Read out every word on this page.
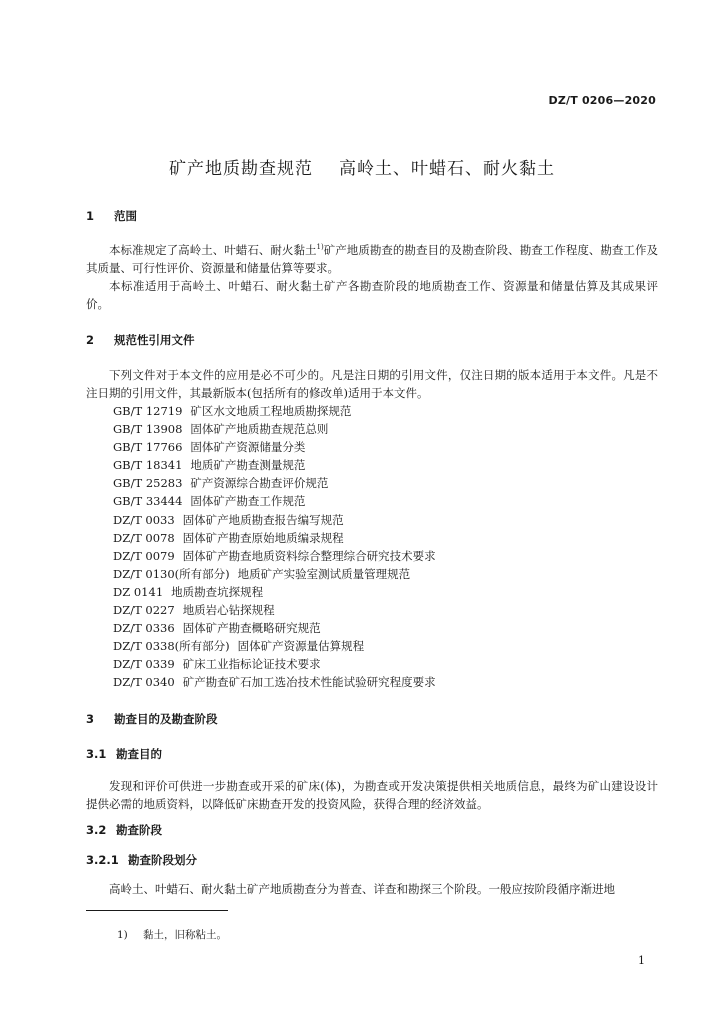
DZ/T 0206—2020
矿产地质勘查规范 高岭土、叶蜡石、耐火黏土
1 范围
本标准规定了高岭土、叶蜡石、耐火黏土$^{1)}$矿产地质勘查的勘查目的及勘查阶段、勘查工作程度、勘查工作及其质量、可行性评价、资源量和储量估算等要求。
本标准适用于高岭土、叶蜡石、耐火黏土矿产各勘查阶段的地质勘查工作、资源量和储量估算及其成果评价。
2 规范性引用文件
下列文件对于本文件的应用是必不可少的。凡是注日期的引用文件，仅注日期的版本适用于本文件。凡是不注日期的引用文件，其最新版本(包括所有的修改单)适用于本文件。
GB/T 12719 矿区水文地质工程地质勘探规范
GB/T 13908 固体矿产地质勘查规范总则
GB/T 17766 固体矿产资源储量分类
GB/T 18341 地质矿产勘查测量规范
GB/T 25283 矿产资源综合勘查评价规范
GB/T 33444 固体矿产勘查工作规范
DZ/T 0033 固体矿产地质勘查报告编写规范
DZ/T 0078 固体矿产勘查原始地质编录规程
DZ/T 0079 固体矿产勘查地质资料综合整理综合研究技术要求
DZ/T 0130(所有部分) 地质矿产实验室测试质量管理规范
DZ 0141 地质勘查坑探规程
DZ/T 0227 地质岩心钻探规程
DZ/T 0336 固体矿产勘查概略研究规范
DZ/T 0338(所有部分) 固体矿产资源量估算规程
DZ/T 0339 矿床工业指标论证技术要求
DZ/T 0340 矿产勘查矿石加工选冶技术性能试验研究程度要求
3 勘查目的及勘查阶段
3.1 勘查目的
发现和评价可供进一步勘查或开采的矿床(体)，为勘查或开发决策提供相关地质信息，最终为矿山建设设计提供必需的地质资料，以降低矿床勘查开发的投资风险，获得合理的经济效益。
3.2 勘查阶段
3.2.1 勘查阶段划分
高岭土、叶蜡石、耐火黏土矿产地质勘查分为普查、详查和勘探三个阶段。一般应按阶段循序渐进地
1) 黏土，旧称粘土。
1
